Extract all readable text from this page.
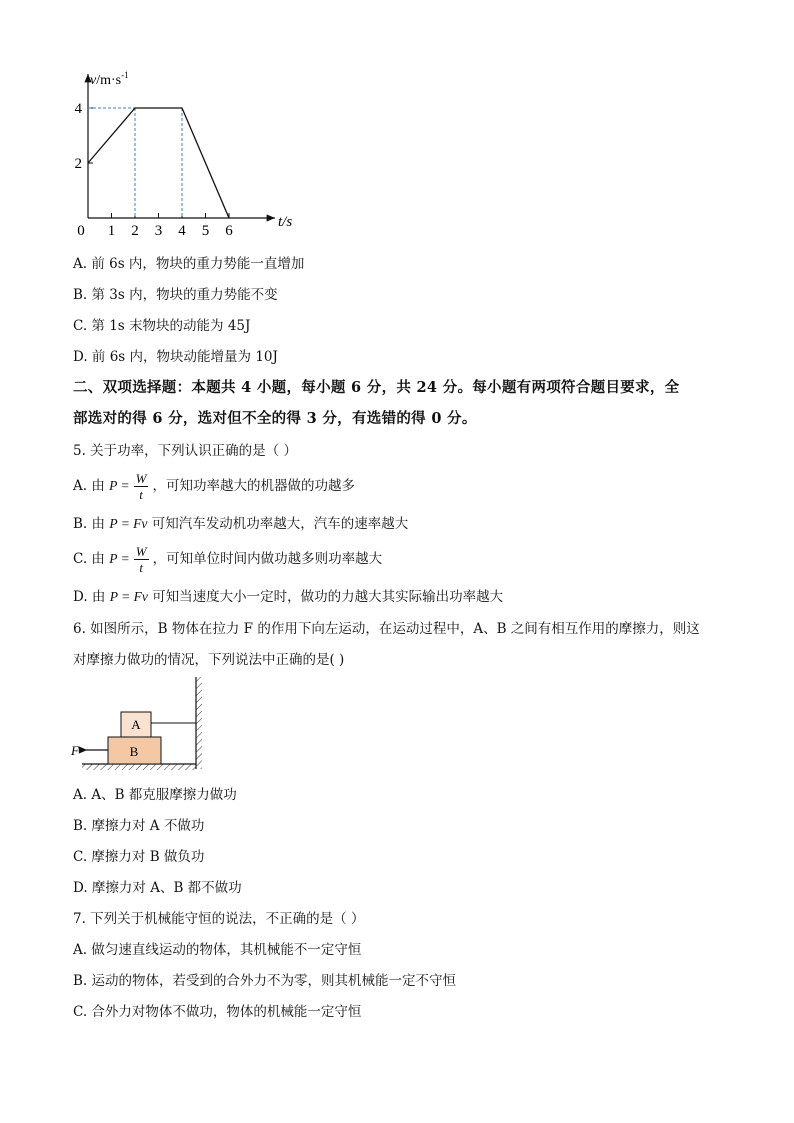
$v/m\cdot s^{-1}$
t/s
0 1 2 3 4 5 6
2
4
A. 前 6s 内，物块的重力势能一直增加
B. 第 3s 内，物块的重力势能不变
C. 第 1s 末物块的动能为 45J
D. 前 6s 内，物块动能增量为 10J
二、双项选择题：本题共 4 小题，每小题 6 分，共 24 分。每小题有两项符合题目要求，全
部选对的得 6 分，选对但不全的得 3 分，有选错的得 0 分。
5. 关于功率，下列认识正确的是（ ）
A. 由 $P = \frac{W}{t}$ ，可知功率越大的机器做的功越多
B. 由 P = Fv 可知汽车发动机功率越大，汽车的速率越大
C. 由 $P = \frac{W}{t}$ ，可知单位时间内做功越多则功率越大
D. 由 P = Fv 可知当速度大小一定时，做功的力越大其实际输出功率越大
6. 如图所示，B 物体在拉力 F 的作用下向左运动，在运动过程中，A、B 之间有相互作用的摩擦力，则这
对摩擦力做功的情况，下列说法中正确的是( )
B
A
F
A. A、B 都克服摩擦力做功
B. 摩擦力对 A 不做功
C. 摩擦力对 B 做负功
D. 摩擦力对 A、B 都不做功
7. 下列关于机械能守恒的说法，不正确的是（ ）
A. 做匀速直线运动的物体，其机械能不一定守恒
B. 运动的物体，若受到的合外力不为零，则其机械能一定不守恒
C. 合外力对物体不做功，物体的机械能一定守恒
